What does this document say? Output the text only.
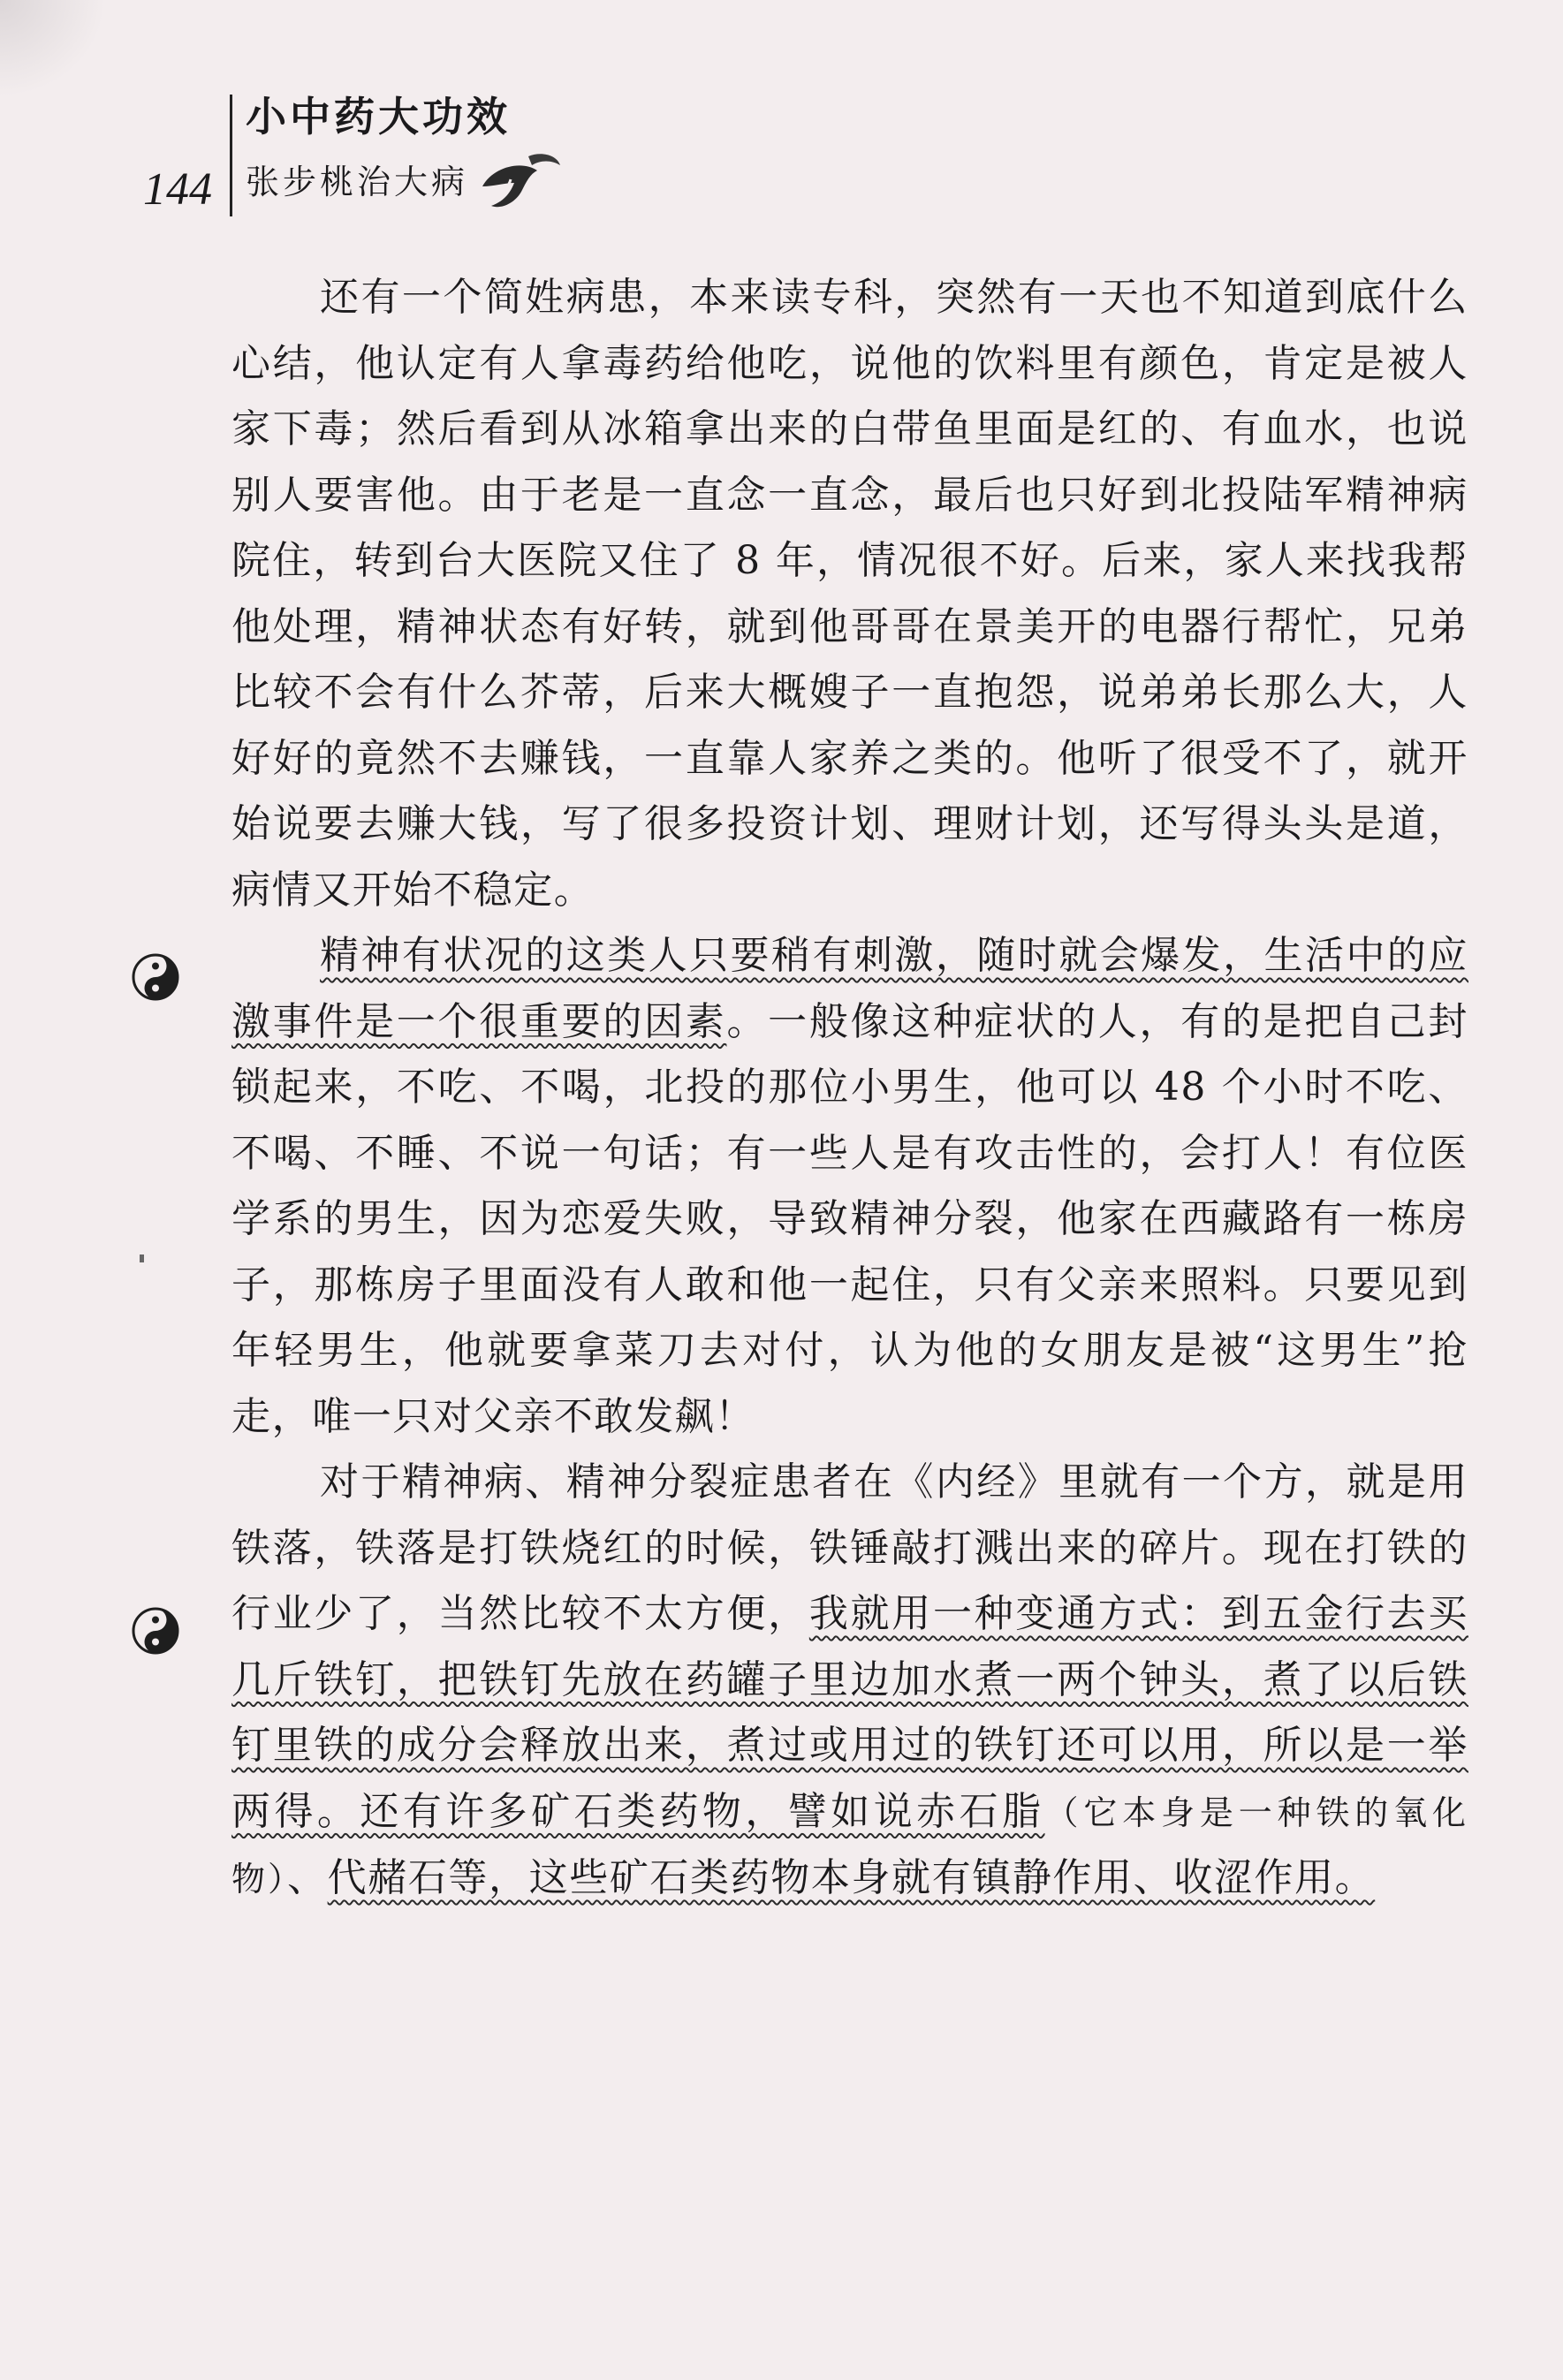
144
小中药大功效
张步桃治大病

还有一个简姓病患，本来读专科，突然有一天也不知道到底什么心结，他认定有人拿毒药给他吃，说他的饮料里有颜色，肯定是被人家下毒；然后看到从冰箱拿出来的白带鱼里面是红的、有血水，也说别人要害他。由于老是一直念一直念，最后也只好到北投陆军精神病院住，转到台大医院又住了 8 年，情况很不好。后来，家人来找我帮他处理，精神状态有好转，就到他哥哥在景美开的电器行帮忙，兄弟比较不会有什么芥蒂，后来大概嫂子一直抱怨，说弟弟长那么大，人好好的竟然不去赚钱，一直靠人家养之类的。他听了很受不了，就开始说要去赚大钱，写了很多投资计划、理财计划，还写得头头是道，病情又开始不稳定。

精神有状况的这类人只要稍有刺激，随时就会爆发，生活中的应激事件是一个很重要的因素。一般像这种症状的人，有的是把自己封锁起来，不吃、不喝，北投的那位小男生，他可以 48 个小时不吃、不喝、不睡、不说一句话；有一些人是有攻击性的，会打人！有位医学系的男生，因为恋爱失败，导致精神分裂，他家在西藏路有一栋房子，那栋房子里面没有人敢和他一起住，只有父亲来照料。只要见到年轻男生，他就要拿菜刀去对付，认为他的女朋友是被“这男生”抢走，唯一只对父亲不敢发飙！

对于精神病、精神分裂症患者在《内经》里就有一个方，就是用铁落，铁落是打铁烧红的时候，铁锤敲打溅出来的碎片。现在打铁的行业少了，当然比较不太方便，我就用一种变通方式：到五金行去买几斤铁钉，把铁钉先放在药罐子里边加水煮一两个钟头，煮了以后铁钉里铁的成分会释放出来，煮过或用过的铁钉还可以用，所以是一举两得。还有许多矿石类药物，譬如说赤石脂（它本身是一种铁的氧化物）、代赭石等，这些矿石类药物本身就有镇静作用、收涩作用。
